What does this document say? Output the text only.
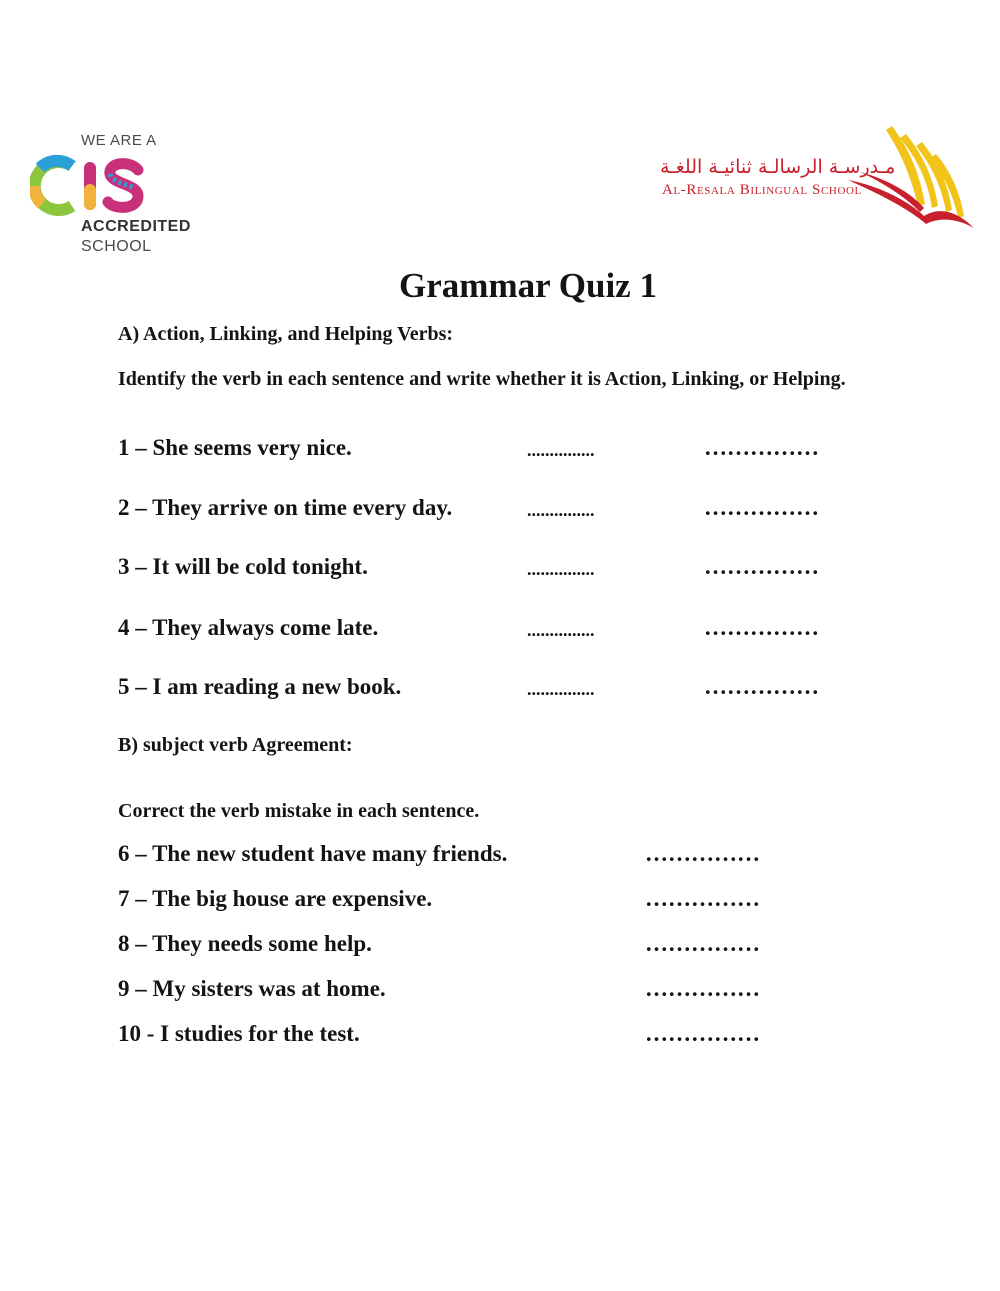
WE ARE A
ACCREDITED
SCHOOL
مـدرسـة الرسالـة ثنائيـة اللغـة
Al-Resala Bilingual School
Grammar Quiz 1
A) Action, Linking, and Helping Verbs:
Identify the verb in each sentence and write whether it is Action, Linking, or Helping.
1 – She seems very nice.	...............	……………
2 – They arrive on time every day.	...............	……………
3 – It will be cold tonight.	...............	……………
4 – They always come late.	...............	……………
5 – I am reading a new book.	...............	……………
B) subject verb Agreement:
Correct the verb mistake in each sentence.
6 – The new student have many friends.	……………
7 – The big house are expensive.	……………
8 – They needs some help.	……………
9 – My sisters was at home.	……………
10 - I studies for the test.	……………
